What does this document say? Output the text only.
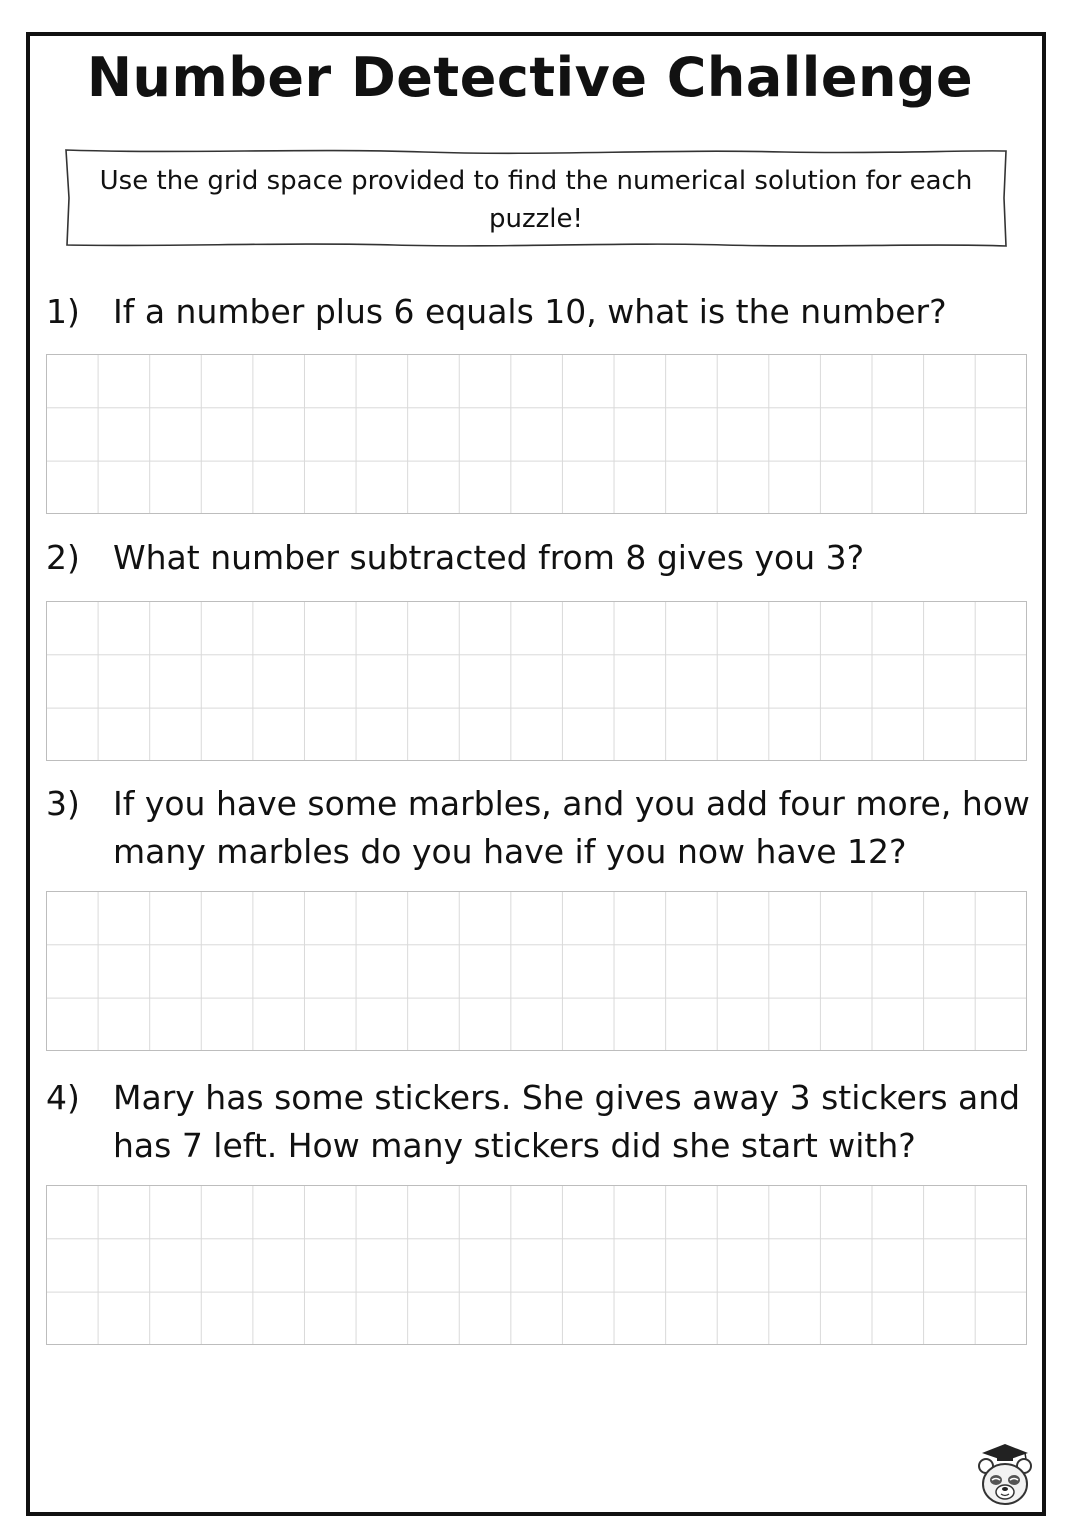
Number Detective Challenge
Use the grid space provided to find the numerical solution for each puzzle!
1)	If a number plus 6 equals 10, what is the number?
2)	What number subtracted from 8 gives you 3?
3)	If you have some marbles, and you add four more, how many marbles do you have if you now have 12?
4)	Mary has some stickers. She gives away 3 stickers and has 7 left. How many stickers did she start with?
